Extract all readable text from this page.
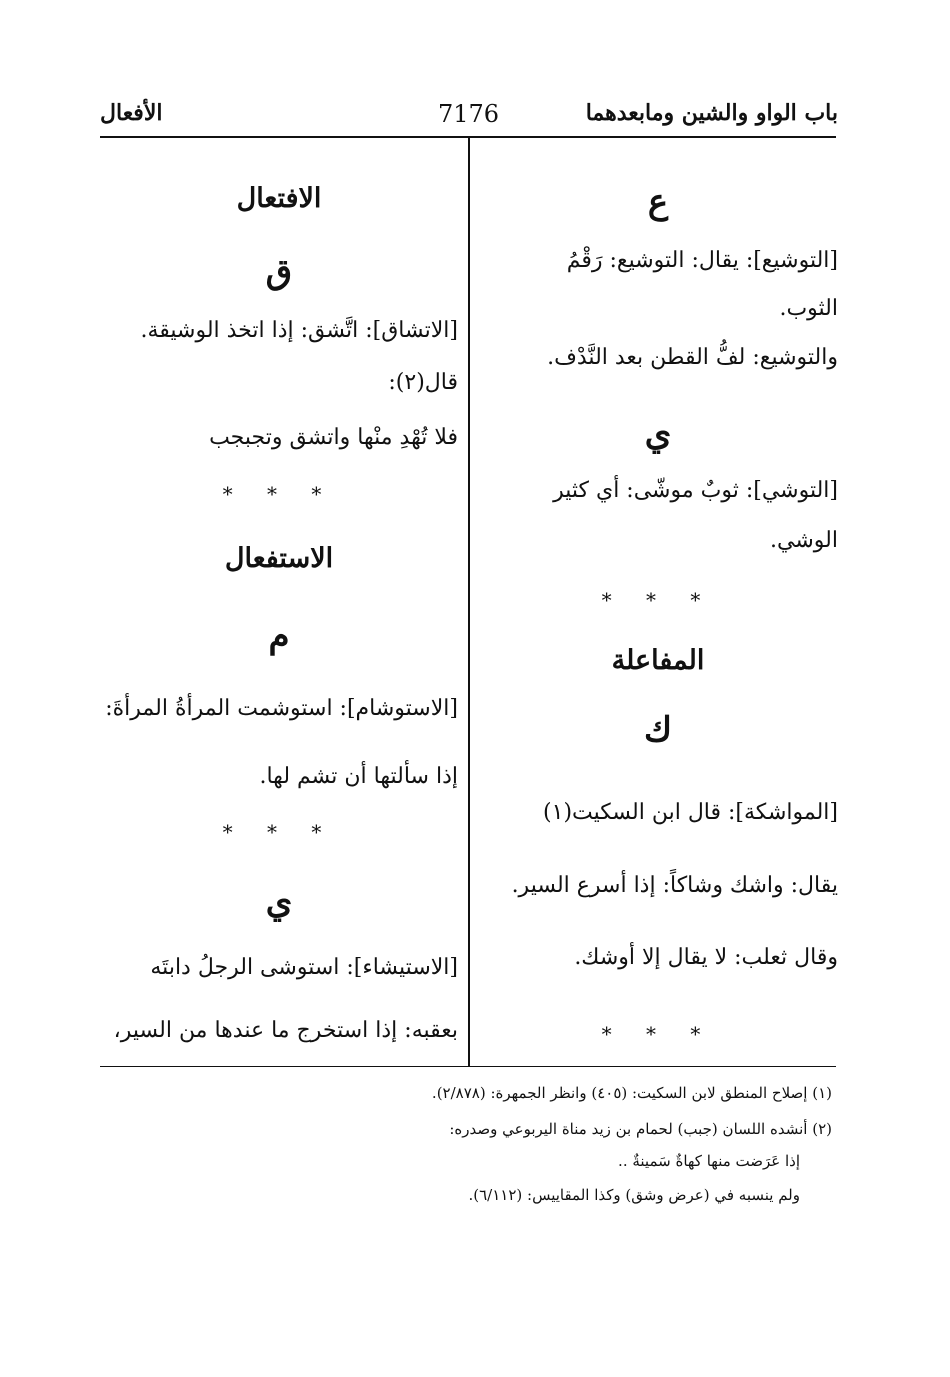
باب الواو والشين ومابعدهما
7176
الأفعال
ع
[التوشيع]: يقال: التوشيع: رَقْمُ
الثوب.
والتوشيع: لفُّ القطن بعد النَّدْف.
ي
[التوشي]: ثوبٌ موشّى: أي كثير
الوشي.
* * *
المفاعلة
ك
[المواشكة]: قال ابن السكيت(١)
يقال: واشك وشاكاً: إذا أسرع السير.
وقال ثعلب: لا يقال إلا أوشك.
* * *
الافتعال
ق
[الاتشاق]: اتَّشق: إذا اتخذ الوشيقة.
قال(٢):
فلا تُهْدِ منْها واتشق وتجبجب
* * *
الاستفعال
م
[الاستوشام]: استوشمت المرأةُ المرأةَ:
إذا سألتها أن تشم لها.
* * *
ي
[الاستيشاء]: استوشى الرجلُ دابتَه
بعقبه: إذا استخرج ما عندها من السير،
(١) إصلاح المنطق لابن السكيت: (٤٠٥) وانظر الجمهرة: (٢/٨٧٨).
(٢) أنشده اللسان (جبب) لحمام بن زيد مناة اليربوعي وصدره:
إذا عَرَضت منها كهاةٌ سَمينةٌ ..
ولم ينسبه في (عرض وشق) وكذا المقاييس: (٦/١١٢).
